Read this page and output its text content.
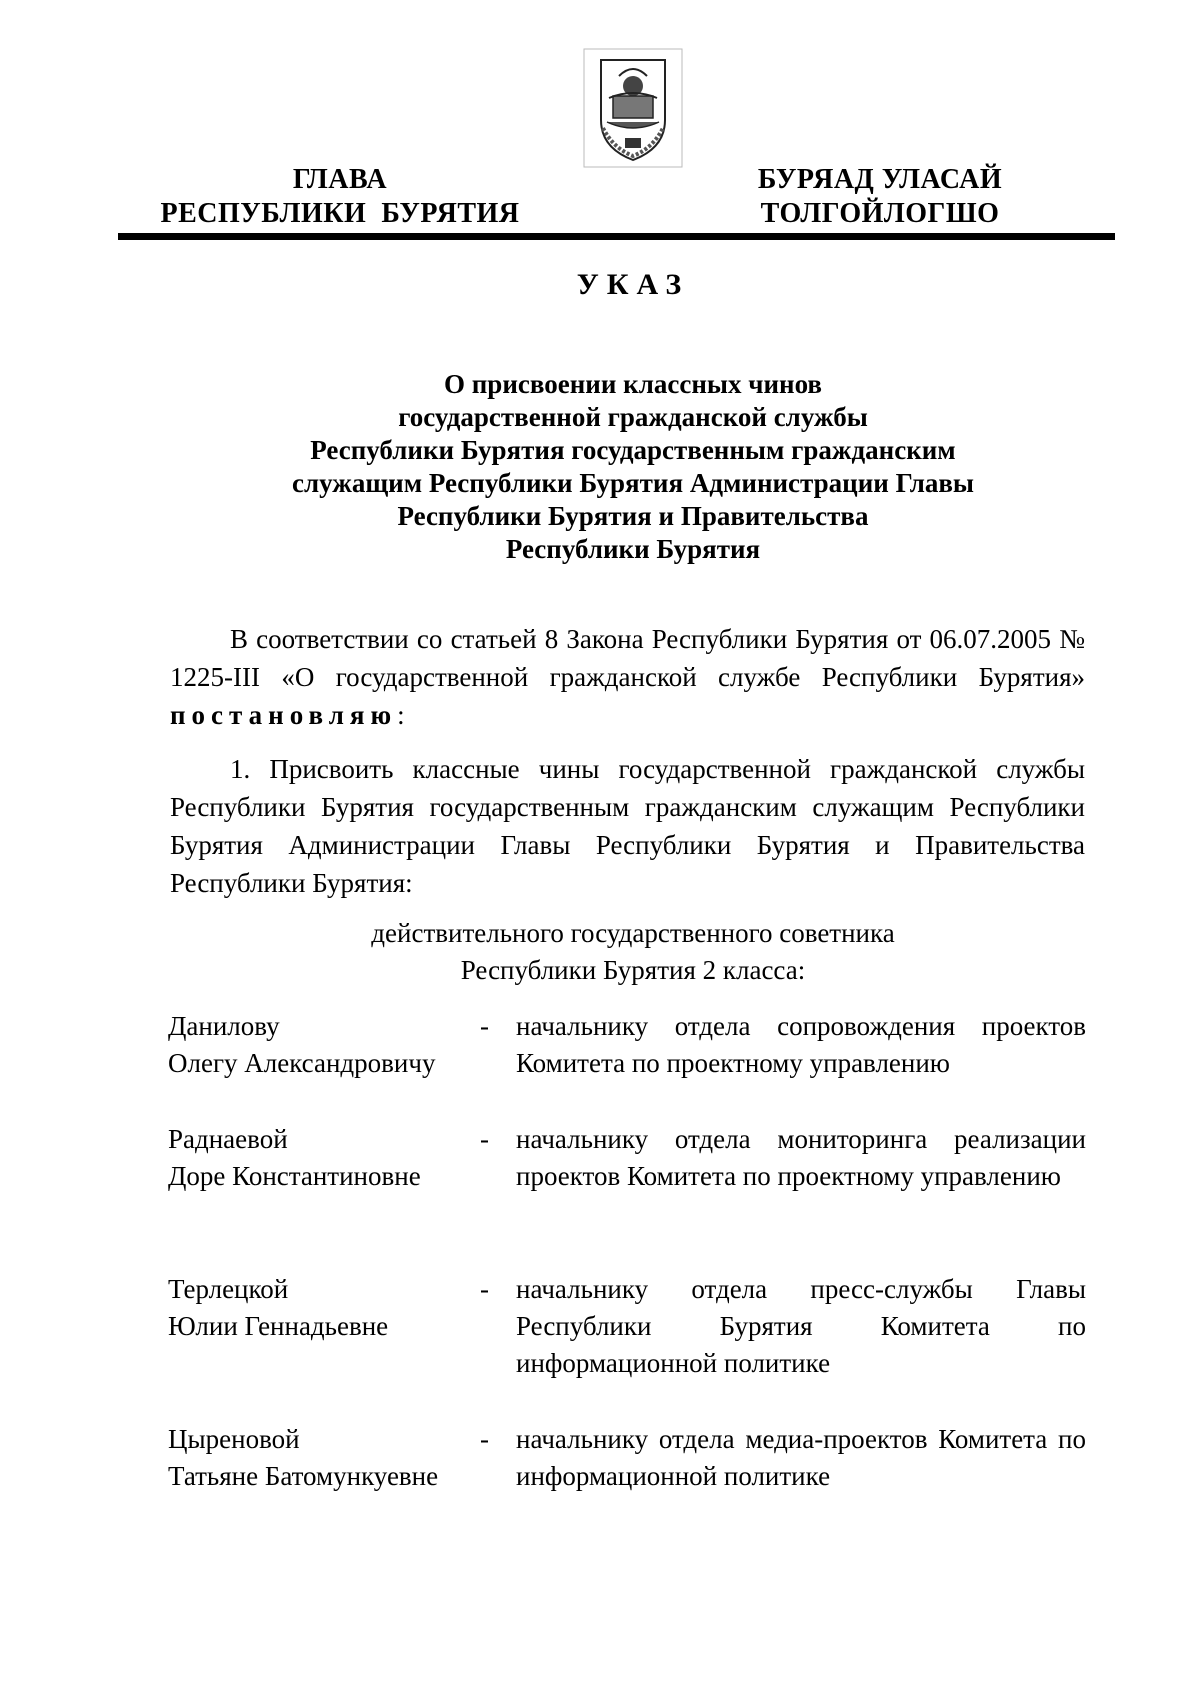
ГЛАВА
РЕСПУБЛИКИ  БУРЯТИЯ
БУРЯАД УЛАСАЙ
ТОЛГОЙЛОГШО
УКАЗ
О присвоении классных чинов
государственной гражданской службы
Республики Бурятия государственным гражданским
служащим Республики Бурятия Администрации Главы
Республики Бурятия и Правительства
Республики Бурятия
В соответствии со статьей 8 Закона Республики Бурятия от 06.07.2005 № 1225-III «О государственной гражданской службе Республики Бурятия» постановляю:
1. Присвоить классные чины государственной гражданской службы Республики Бурятия государственным гражданским служащим Республики Бурятия Администрации Главы Республики Бурятия и Правительства Республики Бурятия:
действительного государственного советника
Республики Бурятия 2 класса:
Данилову
Олегу Александровичу
-	начальнику отдела сопровождения проектов Комитета по проектному управлению
Раднаевой
Доре Константиновне
-	начальнику отдела мониторинга реализации проектов Комитета по проектному управлению
Терлецкой
Юлии Геннадьевне
-	начальнику отдела пресс-службы Главы Республики Бурятия Комитета по информационной политике
Цыреновой
Татьяне Батомункуевне
-	начальнику отдела медиа-проектов Комитета по информационной политике
